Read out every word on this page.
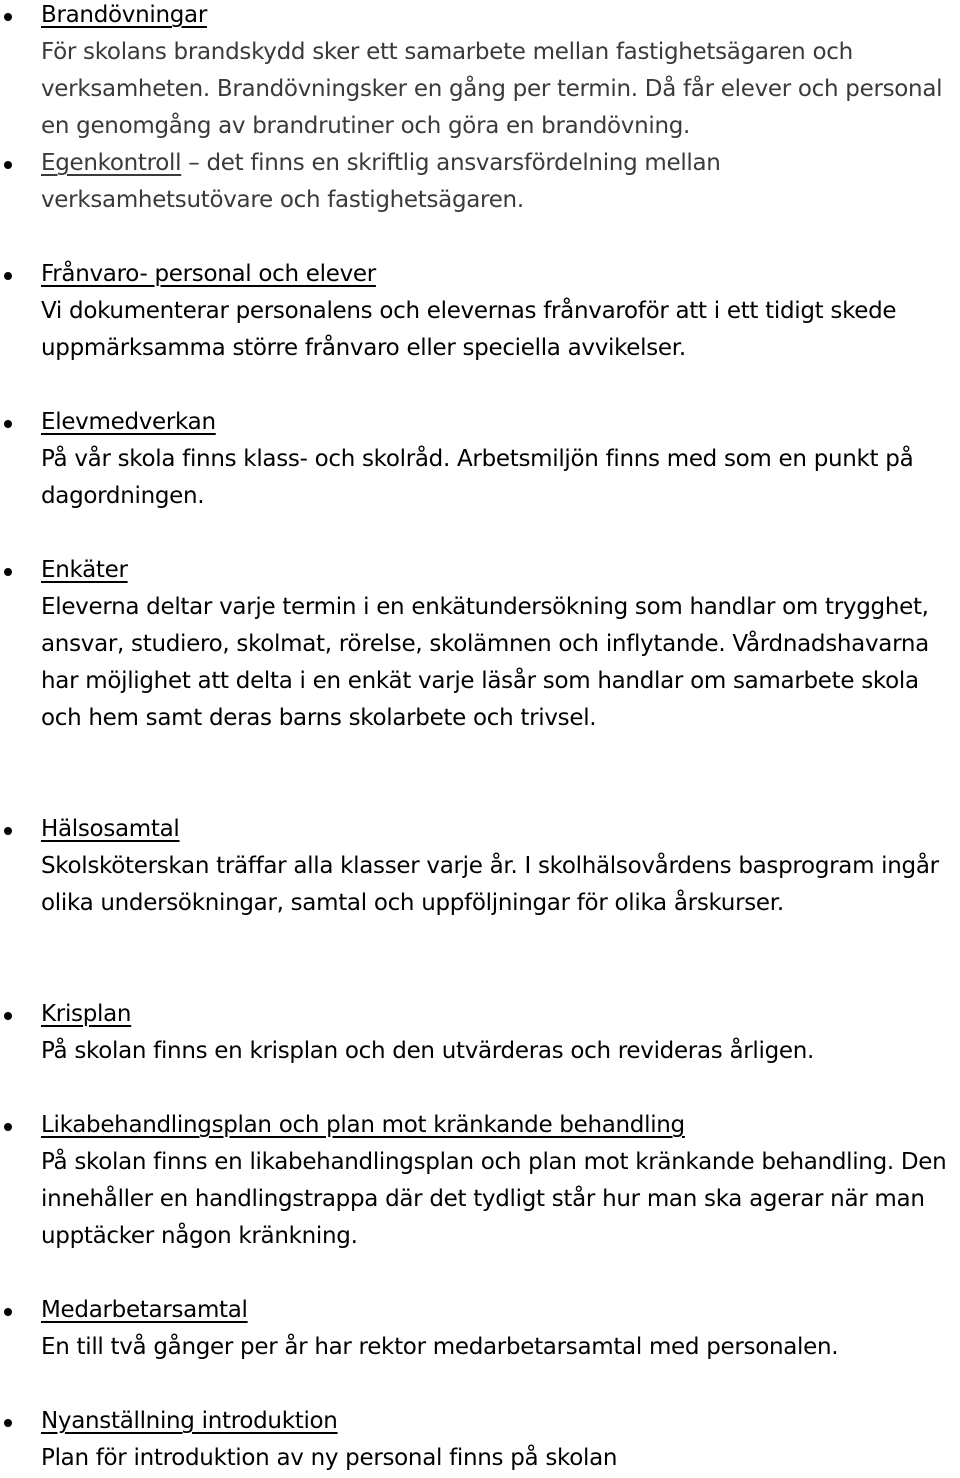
Brandövningar
För skolans brandskydd sker ett samarbete mellan fastighetsägaren och verksamheten. Brandövningsker en gång per termin. Då får elever och personal en genomgång av brandrutiner och göra en brandövning.
Egenkontroll – det finns en skriftlig ansvarsfördelning mellan verksamhetsutövare och fastighetsägaren.
Frånvaro- personal och elever
Vi dokumenterar personalens och elevernas frånvaroför att i ett tidigt skede uppmärksamma större frånvaro eller speciella avvikelser.
Elevmedverkan
På vår skola finns klass- och skolråd. Arbetsmiljön finns med som en punkt på dagordningen.
Enkäter
Eleverna deltar varje termin i en enkätundersökning som handlar om trygghet, ansvar, studiero, skolmat, rörelse, skolämnen och inflytande. Vårdnadshavarna har möjlighet att delta i en enkät varje läsår som handlar om samarbete skola och hem samt deras barns skolarbete och trivsel.
Hälsosamtal
Skolsköterskan träffar alla klasser varje år. I skolhälsovårdens basprogram ingår olika undersökningar, samtal och uppföljningar för olika årskurser.
Krisplan
På skolan finns en krisplan och den utvärderas och revideras årligen.
Likabehandlingsplan och plan mot kränkande behandling
På skolan finns en likabehandlingsplan och plan mot kränkande behandling. Den innehåller en handlingstrappa där det tydligt står hur man ska agerar när man upptäcker någon kränkning.
Medarbetarsamtal
En till två gånger per år har rektor medarbetarsamtal med personalen.
Nyanställning introduktion
Plan för introduktion av ny personal finns på skolan
